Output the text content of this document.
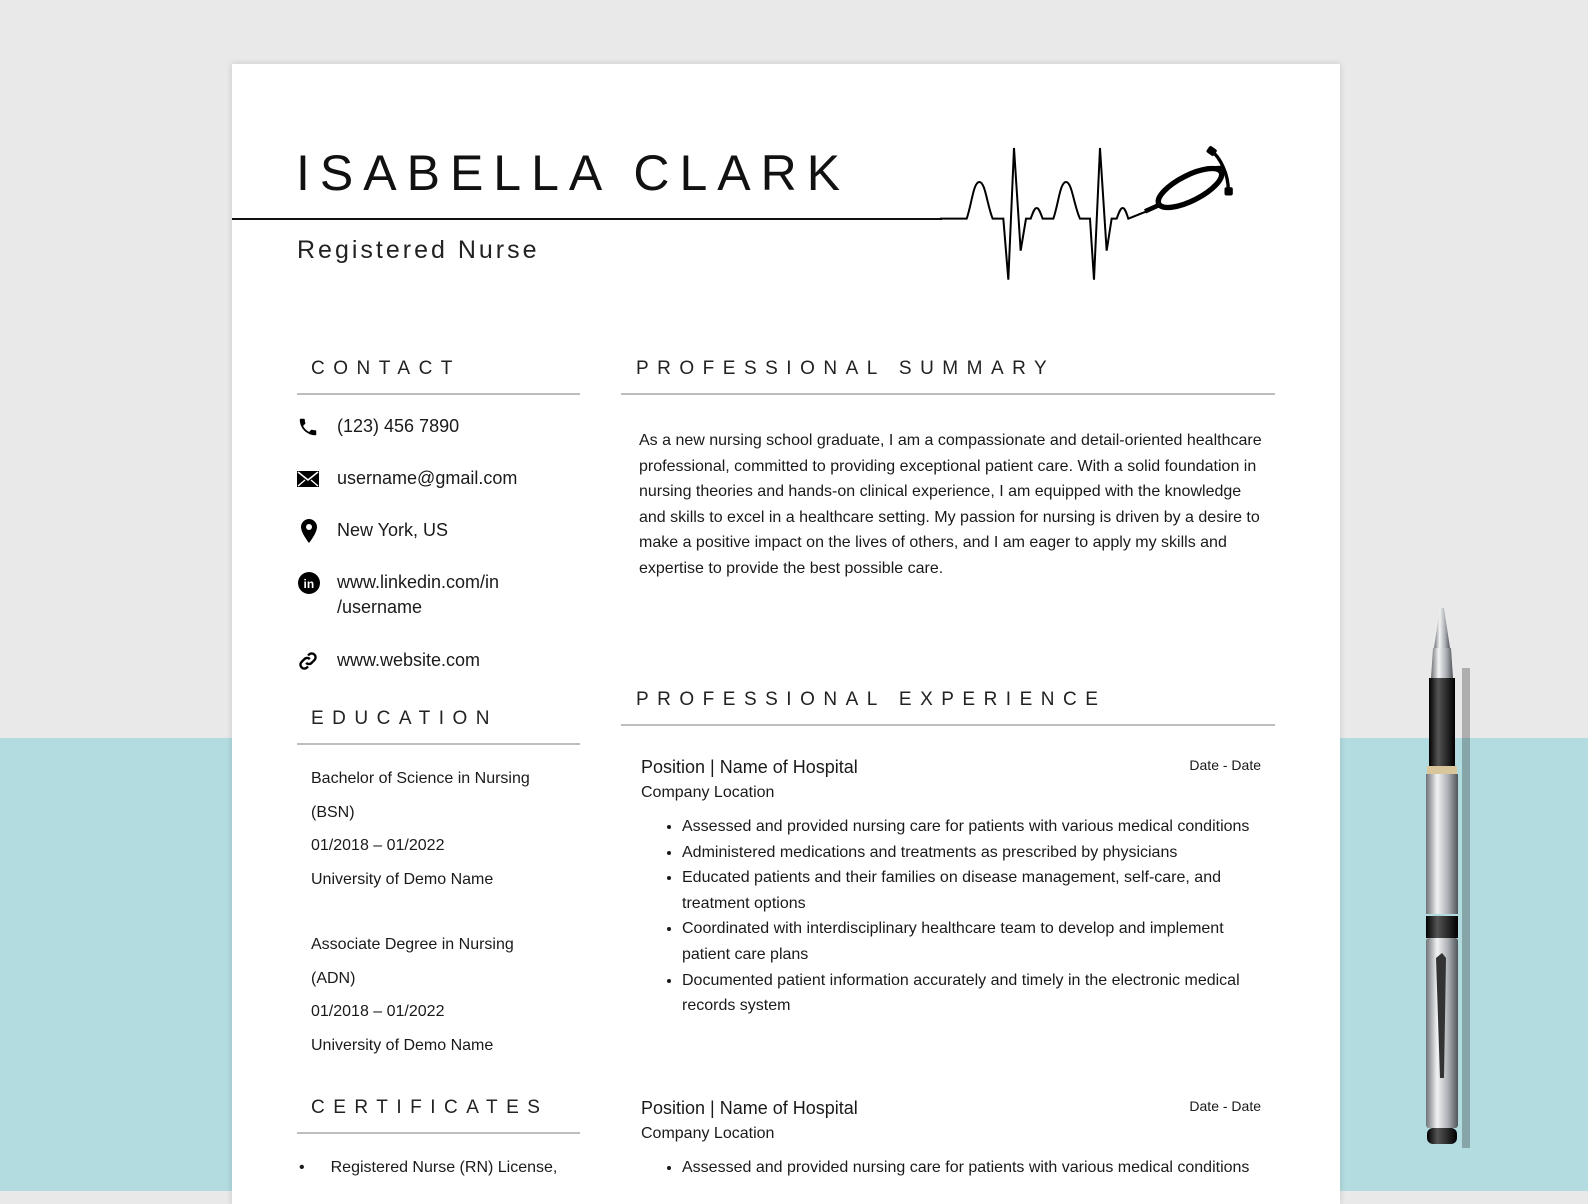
ISABELLA CLARK
Registered Nurse
CONTACT
(123) 456 7890
username@gmail.com
New York, US
in www.linkedin.com/in
/username
www.website.com
EDUCATION
Bachelor of Science in Nursing
(BSN)
01/2018 – 01/2022
University of Demo Name
Associate Degree in Nursing
(ADN)
01/2018 – 01/2022
University of Demo Name
CERTIFICATES
• Registered Nurse (RN) License,
PROFESSIONAL SUMMARY
As a new nursing school graduate, I am a compassionate and detail-oriented healthcare professional, committed to providing exceptional patient care. With a solid foundation in nursing theories and hands-on clinical experience, I am equipped with the knowledge and skills to excel in a healthcare setting. My passion for nursing is driven by a desire to make a positive impact on the lives of others, and I am eager to apply my skills and expertise to provide the best possible care.
PROFESSIONAL EXPERIENCE
Position | Name of Hospital	Date - Date
Company Location
• Assessed and provided nursing care for patients with various medical conditions
• Administered medications and treatments as prescribed by physicians
• Educated patients and their families on disease management, self-care, and treatment options
• Coordinated with interdisciplinary healthcare team to develop and implement patient care plans
• Documented patient information accurately and timely in the electronic medical records system
Position | Name of Hospital	Date - Date
Company Location
• Assessed and provided nursing care for patients with various medical conditions
